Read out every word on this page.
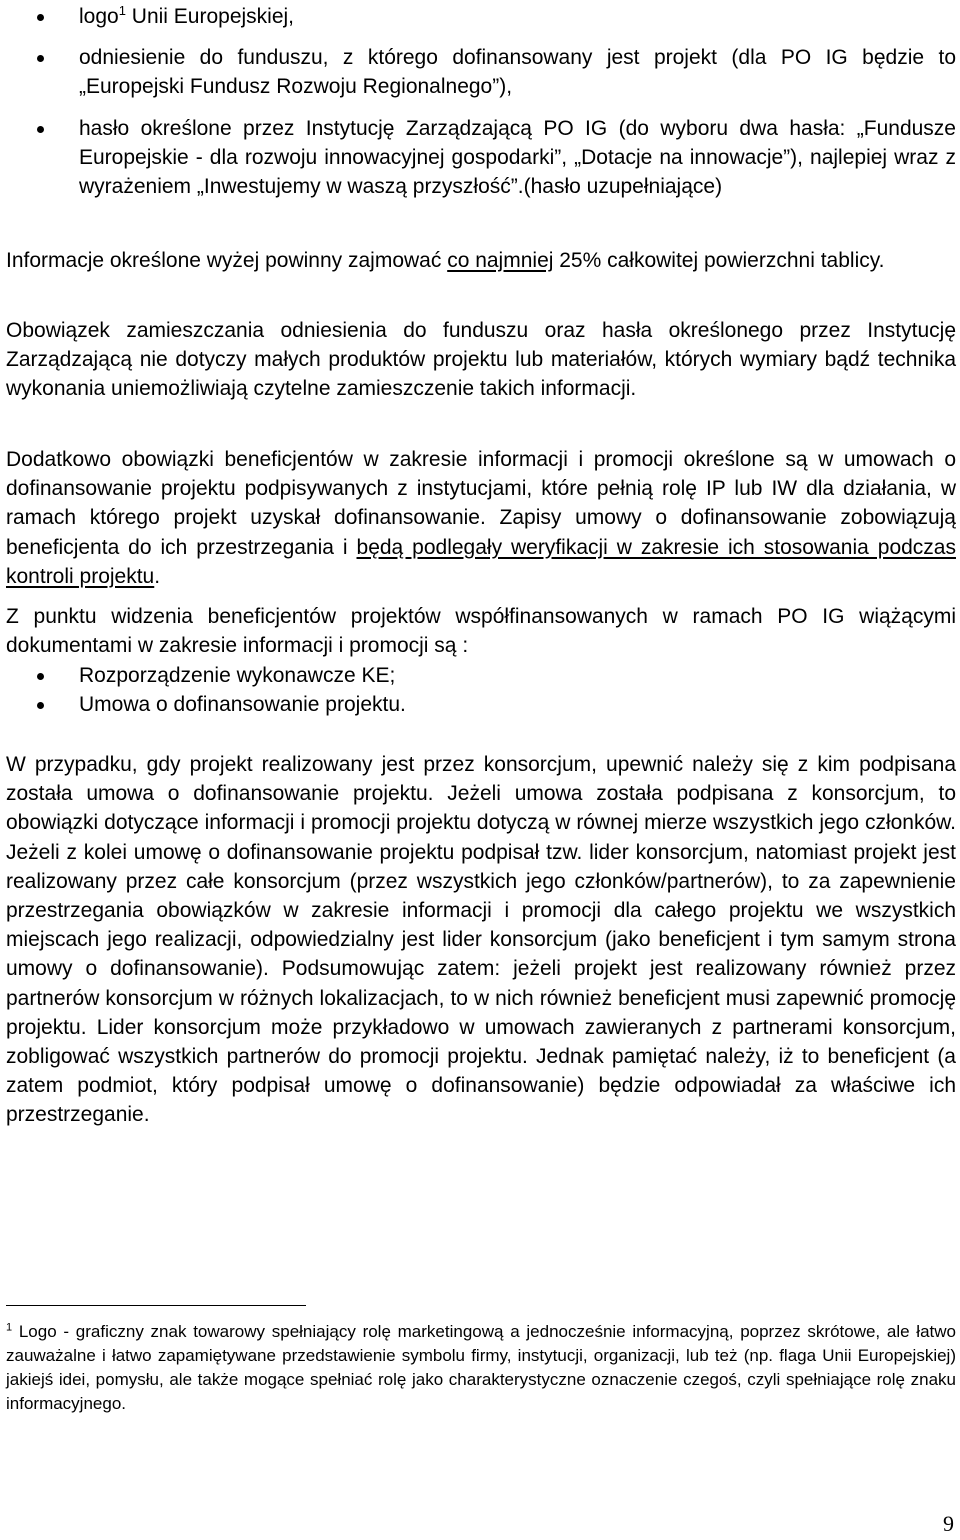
logo$^1$ Unii Europejskiej,
odniesienie do funduszu, z którego dofinansowany jest projekt (dla PO IG będzie to „Europejski Fundusz Rozwoju Regionalnego”),
hasło określone przez Instytucję Zarządzającą PO IG (do wyboru dwa hasła: „Fundusze Europejskie - dla rozwoju innowacyjnej gospodarki”, „Dotacje na innowacje”), najlepiej wraz z wyrażeniem „Inwestujemy w waszą przyszłość”.(hasło uzupełniające)

Informacje określone wyżej powinny zajmować co najmniej 25% całkowitej powierzchni tablicy.

Obowiązek zamieszczania odniesienia do funduszu oraz hasła określonego przez Instytucję Zarządzającą nie dotyczy małych produktów projektu lub materiałów, których wymiary bądź technika wykonania uniemożliwiają czytelne zamieszczenie takich informacji.

Dodatkowo obowiązki beneficjentów w zakresie informacji i promocji określone są w umowach o dofinansowanie projektu podpisywanych z instytucjami, które pełnią rolę IP lub IW dla działania, w ramach którego projekt uzyskał dofinansowanie. Zapisy umowy o dofinansowanie zobowiązują beneficjenta do ich przestrzegania i będą podlegały weryfikacji w zakresie ich stosowania podczas kontroli projektu.

Z punktu widzenia beneficjentów projektów współfinansowanych w ramach PO IG wiążącymi dokumentami w zakresie informacji i promocji są :

Rozporządzenie wykonawcze KE;
Umowa o dofinansowanie projektu.

W przypadku, gdy projekt realizowany jest przez konsorcjum, upewnić należy się z kim podpisana została umowa o dofinansowanie projektu. Jeżeli umowa została podpisana z konsorcjum, to obowiązki dotyczące informacji i promocji projektu dotyczą w równej mierze wszystkich jego członków. Jeżeli z kolei umowę o dofinansowanie projektu podpisał tzw. lider konsorcjum, natomiast projekt jest realizowany przez całe konsorcjum (przez wszystkich jego członków/partnerów), to za zapewnienie przestrzegania obowiązków w zakresie informacji i promocji dla całego projektu we wszystkich miejscach jego realizacji, odpowiedzialny jest lider konsorcjum (jako beneficjent i tym samym strona umowy o dofinansowanie). Podsumowując zatem: jeżeli projekt jest realizowany również przez partnerów konsorcjum w różnych lokalizacjach, to w nich również beneficjent musi zapewnić promocję projektu. Lider konsorcjum może przykładowo w umowach zawieranych z partnerami konsorcjum, zobligować wszystkich partnerów do promocji projektu. Jednak pamiętać należy, iż to beneficjent (a zatem podmiot, który podpisał umowę o dofinansowanie) będzie odpowiadał za właściwe ich przestrzeganie.

$^1$ Logo - graficzny znak towarowy spełniający rolę marketingową a jednocześnie informacyjną, poprzez skrótowe, ale łatwo zauważalne i łatwo zapamiętywane przedstawienie symbolu firmy, instytucji, organizacji, lub też (np. flaga Unii Europejskiej) jakiejś idei, pomysłu, ale także mogące spełniać rolę jako charakterystyczne oznaczenie czegoś, czyli spełniające rolę znaku informacyjnego.

9
